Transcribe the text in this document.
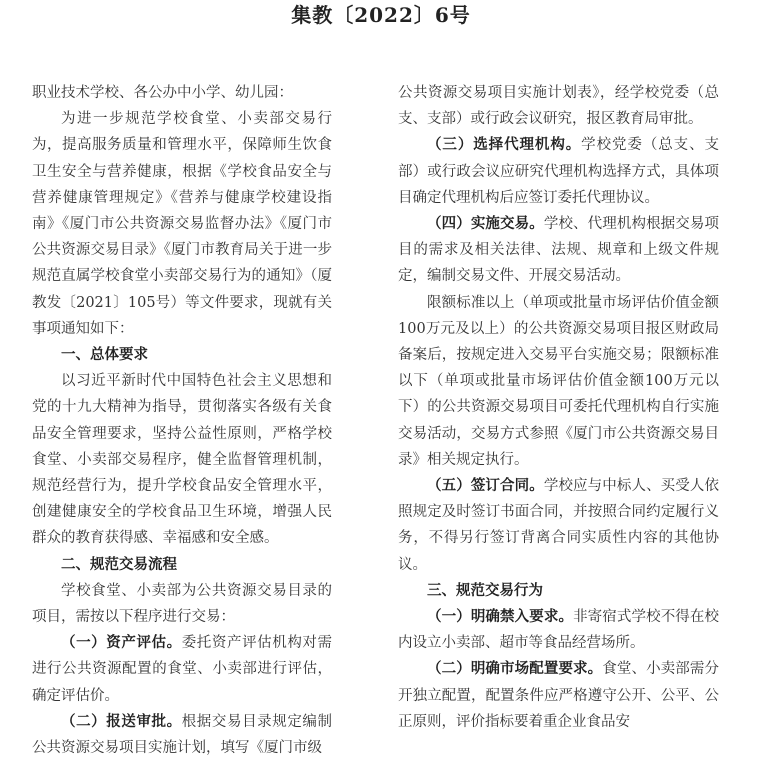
集教〔2022〕6号

职业技术学校、各公办中小学、幼儿园：

为进一步规范学校食堂、小卖部交易行为，提高服务质量和管理水平，保障师生饮食卫生安全与营养健康，根据《学校食品安全与营养健康管理规定》《营养与健康学校建设指南》《厦门市公共资源交易监督办法》《厦门市公共资源交易目录》《厦门市教育局关于进一步规范直属学校食堂小卖部交易行为的通知》（厦教发〔2021〕105号）等文件要求，现就有关事项通知如下：

一、总体要求

以习近平新时代中国特色社会主义思想和党的十九大精神为指导，贯彻落实各级有关食品安全管理要求，坚持公益性原则，严格学校食堂、小卖部交易程序，健全监督管理机制，规范经营行为，提升学校食品安全管理水平，创建健康安全的学校食品卫生环境，增强人民群众的教育获得感、幸福感和安全感。

二、规范交易流程

学校食堂、小卖部为公共资源交易目录的项目，需按以下程序进行交易：

（一）资产评估。委托资产评估机构对需进行公共资源配置的食堂、小卖部进行评估，确定评估价。

（二）报送审批。根据交易目录规定编制公共资源交易项目实施计划，填写《厦门市级

公共资源交易项目实施计划表》，经学校党委（总支、支部）或行政会议研究，报区教育局审批。

（三）选择代理机构。学校党委（总支、支部）或行政会议应研究代理机构选择方式，具体项目确定代理机构后应签订委托代理协议。

（四）实施交易。学校、代理机构根据交易项目的需求及相关法律、法规、规章和上级文件规定，编制交易文件、开展交易活动。

限额标准以上（单项或批量市场评估价值金额100万元及以上）的公共资源交易项目报区财政局备案后，按规定进入交易平台实施交易；限额标准以下（单项或批量市场评估价值金额100万元以下）的公共资源交易项目可委托代理机构自行实施交易活动，交易方式参照《厦门市公共资源交易目录》相关规定执行。

（五）签订合同。学校应与中标人、买受人依照规定及时签订书面合同，并按照合同约定履行义务，不得另行签订背离合同实质性内容的其他协议。

三、规范交易行为

（一）明确禁入要求。非寄宿式学校不得在校内设立小卖部、超市等食品经营场所。

（二）明确市场配置要求。食堂、小卖部需分开独立配置，配置条件应严格遵守公开、公平、公正原则，评价指标要着重企业食品安
